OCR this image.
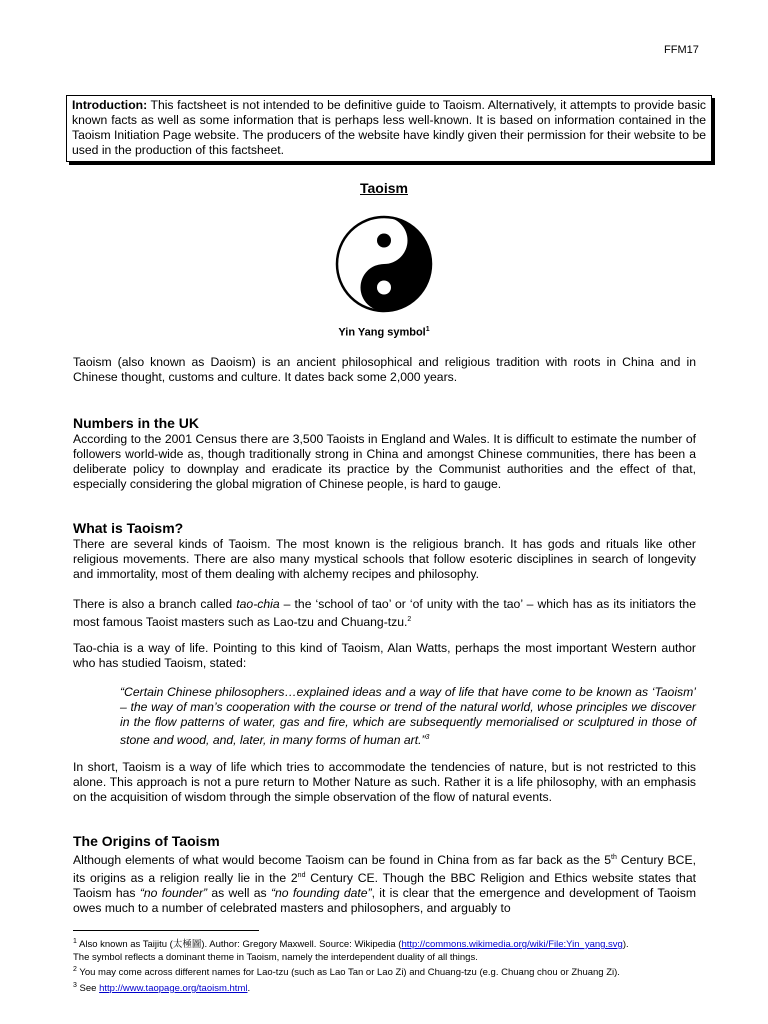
FFM17
Introduction: This factsheet is not intended to be definitive guide to Taoism. Alternatively, it attempts to provide basic known facts as well as some information that is perhaps less well-known. It is based on information contained in the Taoism Initiation Page website. The producers of the website have kindly given their permission for their website to be used in the production of this factsheet.
Taoism
Yin Yang symbol$^1$

Taoism (also known as Daoism) is an ancient philosophical and religious tradition with roots in China and in Chinese thought, customs and culture. It dates back some 2,000 years.

Numbers in the UK

According to the 2001 Census there are 3,500 Taoists in England and Wales. It is difficult to estimate the number of followers world-wide as, though traditionally strong in China and amongst Chinese communities, there has been a deliberate policy to downplay and eradicate its practice by the Communist authorities and the effect of that, especially considering the global migration of Chinese people, is hard to gauge.

What is Taoism?

There are several kinds of Taoism. The most known is the religious branch. It has gods and rituals like other religious movements. There are also many mystical schools that follow esoteric disciplines in search of longevity and immortality, most of them dealing with alchemy recipes and philosophy.

There is also a branch called tao-chia – the ‘school of tao’ or ‘of unity with the tao’ – which has as its initiators the most famous Taoist masters such as Lao-tzu and Chuang-tzu.$^2$

Tao-chia is a way of life. Pointing to this kind of Taoism, Alan Watts, perhaps the most important Western author who has studied Taoism, stated:

“Certain Chinese philosophers…explained ideas and a way of life that have come to be known as ‘Taoism’ – the way of man’s cooperation with the course or trend of the natural world, whose principles we discover in the flow patterns of water, gas and fire, which are subsequently memorialised or sculptured in those of stone and wood, and, later, in many forms of human art.”$^3$

In short, Taoism is a way of life which tries to accommodate the tendencies of nature, but is not restricted to this alone. This approach is not a pure return to Mother Nature as such. Rather it is a life philosophy, with an emphasis on the acquisition of wisdom through the simple observation of the flow of natural events.

The Origins of Taoism

Although elements of what would become Taoism can be found in China from as far back as the 5th Century BCE, its origins as a religion really lie in the 2nd Century CE. Though the BBC Religion and Ethics website states that Taoism has “no founder” as well as “no founding date”, it is clear that the emergence and development of Taoism owes much to a number of celebrated masters and philosophers, and arguably to

$^1$ Also known as Taijitu (太極圖). Author: Gregory Maxwell. Source: Wikipedia (http://commons.wikimedia.org/wiki/File:Yin_yang.svg).

The symbol reflects a dominant theme in Taoism, namely the interdependent duality of all things.

$^2$ You may come across different names for Lao-tzu (such as Lao Tan or Lao Zi) and Chuang-tzu (e.g. Chuang chou or Zhuang Zi).

$^3$ See http://www.taopage.org/taoism.html.
